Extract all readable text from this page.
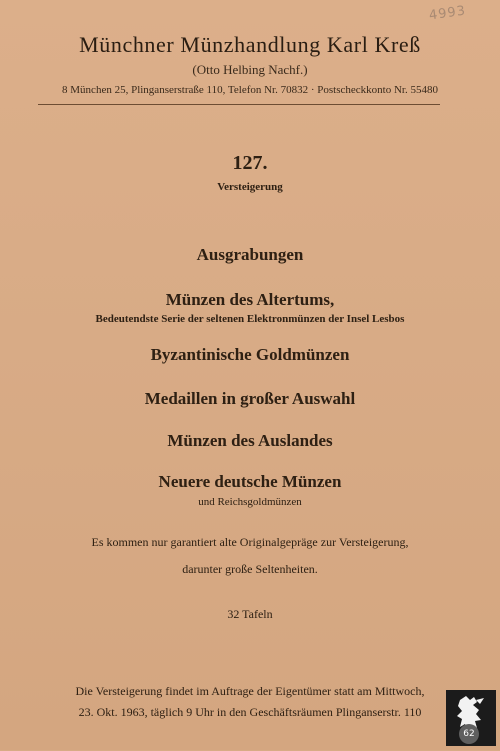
4993
Münchner Münzhandlung Karl Kreß
(Otto Helbing Nachf.)
8 München 25, Plinganserstraße 110, Telefon Nr. 70832 · Postscheckkonto Nr. 55480
127.
Versteigerung
Ausgrabungen
Münzen des Altertums,
Bedeutendste Serie der seltenen Elektronmünzen der Insel Lesbos
Byzantinische Goldmünzen
Medaillen in großer Auswahl
Münzen des Auslandes
Neuere deutsche Münzen
und Reichsgoldmünzen
Es kommen nur garantiert alte Originalgepräge zur Versteigerung,
darunter große Seltenheiten.
32 Tafeln
Die Versteigerung findet im Auftrage der Eigentümer statt am Mittwoch,
23. Okt. 1963, täglich 9 Uhr in den Geschäftsräumen Plinganserstr. 110
62
